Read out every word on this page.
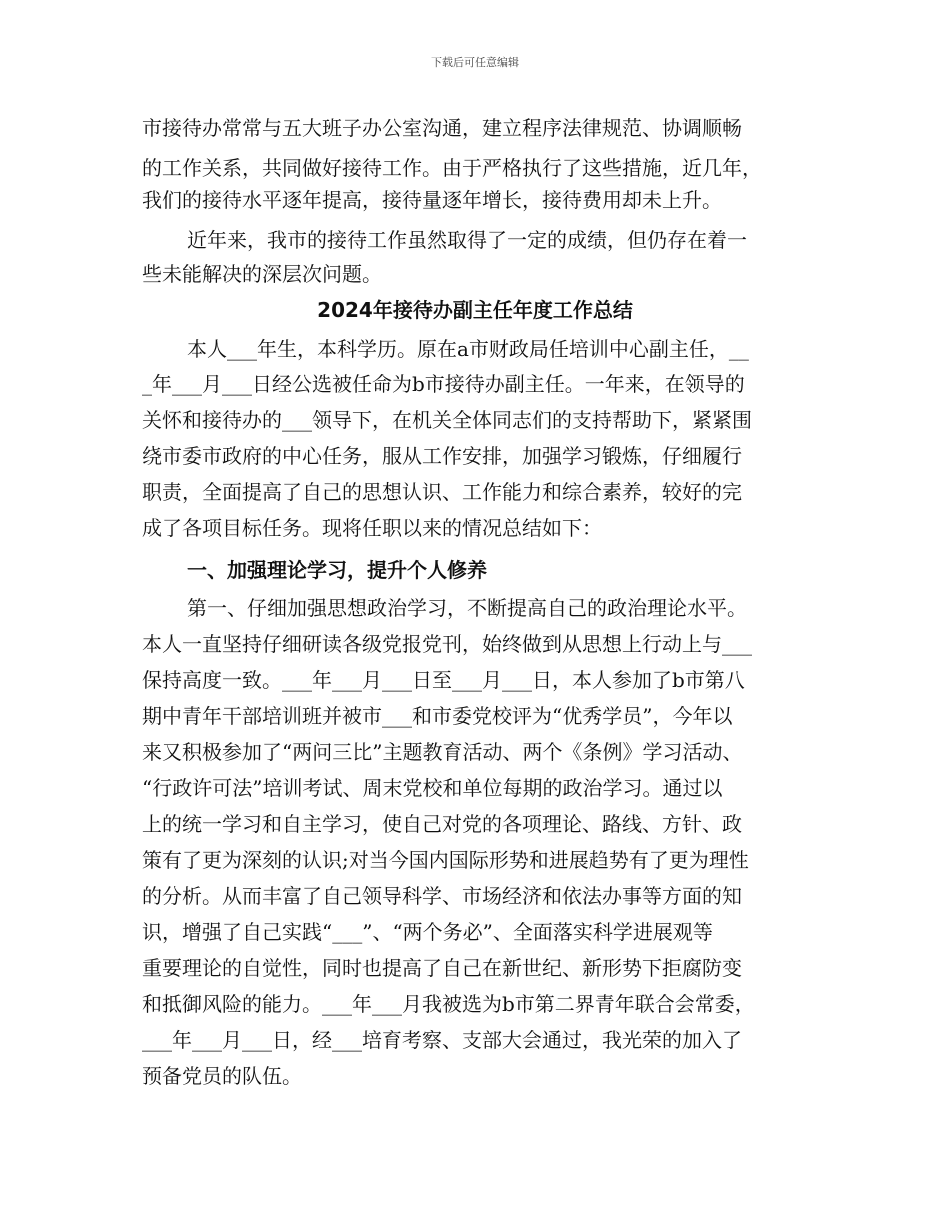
下载后可任意编辑
市接待办常常与五大班子办公室沟通，建立程序法律规范、协调顺畅
的工作关系，共同做好接待工作。由于严格执行了这些措施，近几年，
我们的接待水平逐年提高，接待量逐年增长，接待费用却未上升。
近年来，我市的接待工作虽然取得了一定的成绩，但仍存在着一
些未能解决的深层次问题。
2024年接待办副主任年度工作总结
本人___年生，本科学历。原在a市财政局任培训中心副主任，__
_年___月___日经公选被任命为b市接待办副主任。一年来，在领导的
关怀和接待办的___领导下，在机关全体同志们的支持帮助下，紧紧围
绕市委市政府的中心任务，服从工作安排，加强学习锻炼，仔细履行
职责，全面提高了自己的思想认识、工作能力和综合素养，较好的完
成了各项目标任务。现将任职以来的情况总结如下：
一、加强理论学习，提升个人修养
第一、仔细加强思想政治学习，不断提高自己的政治理论水平。
本人一直坚持仔细研读各级党报党刊，始终做到从思想上行动上与___
保持高度一致。___年___月___日至___月___日，本人参加了b市第八
期中青年干部培训班并被市___和市委党校评为“优秀学员”，今年以
来又积极参加了“两问三比”主题教育活动、两个《条例》学习活动、
“行政许可法”培训考试、周末党校和单位每期的政治学习。通过以
上的统一学习和自主学习，使自己对党的各项理论、路线、方针、政
策有了更为深刻的认识;对当今国内国际形势和进展趋势有了更为理性
的分析。从而丰富了自己领导科学、市场经济和依法办事等方面的知
识，增强了自己实践“___”、“两个务必”、全面落实科学进展观等
重要理论的自觉性，同时也提高了自己在新世纪、新形势下拒腐防变
和抵御风险的能力。___年___月我被选为b市第二界青年联合会常委，
___年___月___日，经___培育考察、支部大会通过，我光荣的加入了
预备党员的队伍。
